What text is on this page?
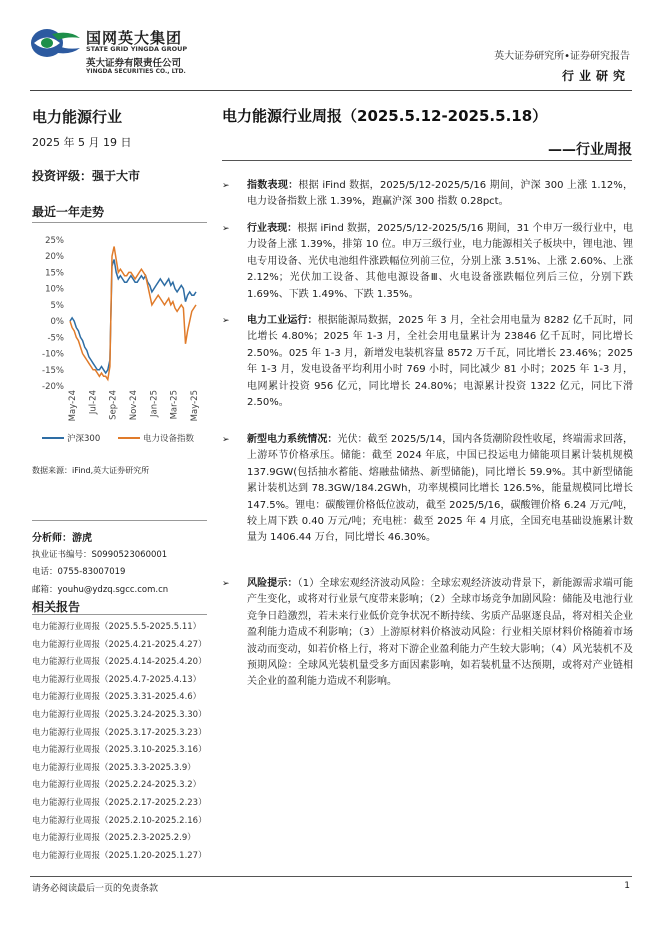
国网英大集团
STATE GRID YINGDA GROUP
英大证券有限责任公司
YINGDA SECURITIES CO., LTD.
英大证券研究所•证券研究报告
行业研究
电力能源行业
2025 年 5 月 19 日
投资评级：强于大市
最近一年走势
25%
20%
15%
10%
5%
0%
-5%
-10%
-15%
-20%
May-24 Jul-24 Sep-24 Nov-24 Jan-25 Mar-25 May-25
沪深300	电力设备指数
数据来源：iFind,英大证券研究所
分析师：游虎
执业证书编号：S0990523060001
电话：0755-83007019
邮箱：youhu@ydzq.sgcc.com.cn
相关报告
电力能源行业周报（2025.5.5-2025.5.11）
电力能源行业周报（2025.4.21-2025.4.27）
电力能源行业周报（2025.4.14-2025.4.20）
电力能源行业周报（2025.4.7-2025.4.13）
电力能源行业周报（2025.3.31-2025.4.6）
电力能源行业周报（2025.3.24-2025.3.30）
电力能源行业周报（2025.3.17-2025.3.23）
电力能源行业周报（2025.3.10-2025.3.16）
电力能源行业周报（2025.3.3-2025.3.9）
电力能源行业周报（2025.2.24-2025.3.2）
电力能源行业周报（2025.2.17-2025.2.23）
电力能源行业周报（2025.2.10-2025.2.16）
电力能源行业周报（2025.2.3-2025.2.9）
电力能源行业周报（2025.1.20-2025.1.27）
电力能源行业周报（2025.5.12-2025.5.18）
——行业周报
➢ 指数表现：根据 iFind 数据，2025/5/12-2025/5/16 期间，沪深 300 上涨 1.12%，电力设备指数上涨 1.39%，跑赢沪深 300 指数 0.28pct。
➢ 行业表现：根据 iFind 数据，2025/5/12-2025/5/16 期间，31 个申万一级行业中，电力设备上涨 1.39%，排第 10 位。申万三级行业，电力能源相关子板块中，锂电池、锂电专用设备、光伏电池组件涨跌幅位列前三位，分别上涨 3.51%、上涨 2.60%、上涨 2.12%；光伏加工设备、其他电源设备Ⅲ、火电设备涨跌幅位列后三位，分别下跌 1.69%、下跌 1.49%、下跌 1.35%。
➢ 电力工业运行：根据能源局数据，2025 年 3 月，全社会用电量为 8282 亿千瓦时，同比增长 4.80%；2025 年 1-3 月，全社会用电量累计为 23846 亿千瓦时，同比增长 2.50%。025 年 1-3 月，新增发电装机容量 8572 万千瓦，同比增长 23.46%；2025 年 1-3 月，发电设备平均利用小时 769 小时，同比减少 81 小时；2025 年 1-3 月，电网累计投资 956 亿元，同比增长 24.80%；电源累计投资 1322 亿元，同比下滑 2.50%。
➢ 新型电力系统情况：光伏：截至 2025/5/14，国内各货潮阶段性收尾，终端需求回落，上游环节价格承压。储能：截至 2024 年底，中国已投运电力储能项目累计装机规模 137.9GW(包括抽水蓄能、熔融盐储热、新型储能)，同比增长 59.9%。其中新型储能累计装机达到 78.3GW/184.2GWh，功率规模同比增长 126.5%，能量规模同比增长 147.5%。锂电：碳酸锂价格低位波动，截至 2025/5/16，碳酸锂价格 6.24 万元/吨，较上周下跌 0.40 万元/吨；充电桩：截至 2025 年 4 月底，全国充电基础设施累计数量为 1406.44 万台，同比增长 46.30%。
➢ 风险提示：（1）全球宏观经济波动风险：全球宏观经济波动背景下，新能源需求端可能产生变化，或将对行业景气度带来影响；（2）全球市场竞争加剧风险：储能及电池行业竞争日趋激烈，若未来行业低价竞争状况不断持续、劣质产品驱逐良品，将对相关企业盈利能力造成不利影响；（3）上游原材料价格波动风险：行业相关原材料价格随着市场波动而变动，如若价格上行，将对下游企业盈利能力产生较大影响；（4）风光装机不及预期风险：全球风光装机量受多方面因素影响，如若装机量不达预期，或将对产业链相关企业的盈利能力造成不利影响。
请务必阅读最后一页的免责条款	1
